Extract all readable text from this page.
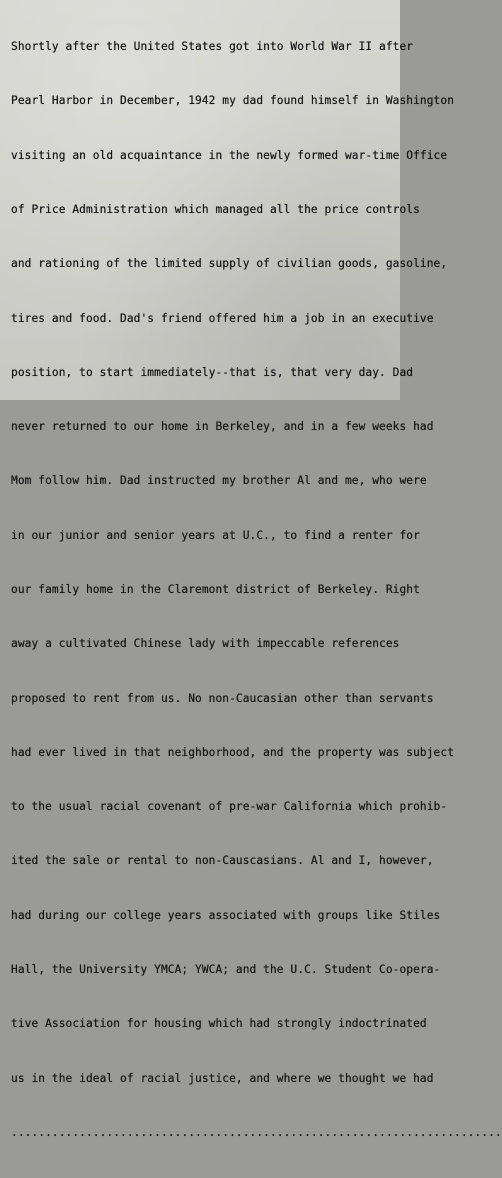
Shortly after the United States got into World War II after

Pearl Harbor in December, 1942 my dad found himself in Washington

visiting an old acquaintance in the newly formed war-time Office

of Price Administration which managed all the price controls

and rationing of the limited supply of civilian goods, gasoline,

tires and food. Dad's friend offered him a job in an executive

position, to start immediately--that is, that very day. Dad

never returned to our home in Berkeley, and in a few weeks had

Mom follow him. Dad instructed my brother Al and me, who were

in our junior and senior years at U.C., to find a renter for

our family home in the Claremont district of Berkeley. Right

away a cultivated Chinese lady with impeccable references

proposed to rent from us. No non-Caucasian other than servants

had ever lived in that neighborhood, and the property was subject

to the usual racial covenant of pre-war California which prohib-

ited the sale or rental to non-Causcasians. Al and I, however,

had during our college years associated with groups like Stiles

Hall, the University YMCA; YWCA; and the U.C. Student Co-opera-

tive Association for housing which had strongly indoctrinated

us in the ideal of racial justice, and where we thought we had

........................................................................
